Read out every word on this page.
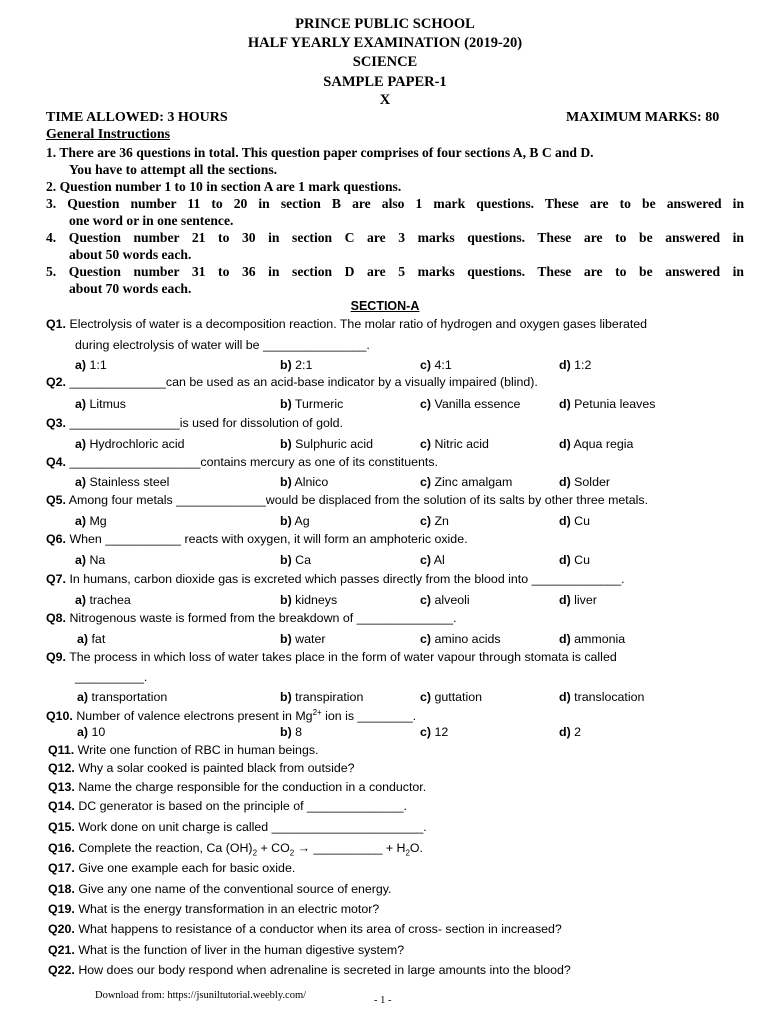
PRINCE PUBLIC SCHOOL
HALF YEARLY EXAMINATION (2019-20)
SCIENCE
SAMPLE PAPER-1
X
TIME ALLOWED: 3 HOURS	MAXIMUM MARKS: 80
General Instructions
1. There are 36 questions in total. This question paper comprises of four sections A, B C and D.
You have to attempt all the sections.
2. Question number 1 to 10 in section A are 1 mark questions.
3. Question number 11 to 20 in section B are also 1 mark questions. These are to be answered in
one word or in one sentence.
4. Question number 21 to 30 in section C are 3 marks questions. These are to be answered in
about 50 words each.
5. Question number 31 to 36 in section D are 5 marks questions. These are to be answered in
about 70 words each.
SECTION-A
Q1. Electrolysis of water is a decomposition reaction. The molar ratio of hydrogen and oxygen gases liberated
during electrolysis of water will be _______________.
a) 1:1	b) 2:1	c) 4:1	d) 1:2
Q2. ______________can be used as an acid-base indicator by a visually impaired (blind).
a) Litmus	b) Turmeric	c) Vanilla essence	d) Petunia leaves
Q3. ________________is used for dissolution of gold.
a) Hydrochloric acid	b) Sulphuric acid	c) Nitric acid	d) Aqua regia
Q4. ___________________contains mercury as one of its constituents.
a) Stainless steel	b) Alnico	c) Zinc amalgam	d) Solder
Q5. Among four metals _____________would be displaced from the solution of its salts by other three metals.
a) Mg	b) Ag	c) Zn	d) Cu
Q6. When ___________ reacts with oxygen, it will form an amphoteric oxide.
a) Na	b) Ca	c) Al	d) Cu
Q7. In humans, carbon dioxide gas is excreted which passes directly from the blood into _____________.
a) trachea	b) kidneys	c) alveoli	d) liver
Q8. Nitrogenous waste is formed from the breakdown of ______________.
a) fat	b) water	c) amino acids	d) ammonia
Q9. The process in which loss of water takes place in the form of water vapour through stomata is called
__________.
a) transportation	b) transpiration	c) guttation	d) translocation
Q10. Number of valence electrons present in $Mg^{2+}$ ion is ________.
a) 10	b) 8	c) 12	d) 2
Q11. Write one function of RBC in human beings.
Q12. Why a solar cooked is painted black from outside?
Q13. Name the charge responsible for the conduction in a conductor.
Q14. DC generator is based on the principle of ______________.
Q15. Work done on unit charge is called ______________________.
Q16. Complete the reaction, Ca $(OH)_2 + CO_2$ → __________ + $H_2O$.
Q17. Give one example each for basic oxide.
Q18. Give any one name of the conventional source of energy.
Q19. What is the energy transformation in an electric motor?
Q20. What happens to resistance of a conductor when its area of cross- section in increased?
Q21. What is the function of liver in the human digestive system?
Q22. How does our body respond when adrenaline is secreted in large amounts into the blood?
Download from: https://jsuniltutorial.weebly.com/	- 1 -
